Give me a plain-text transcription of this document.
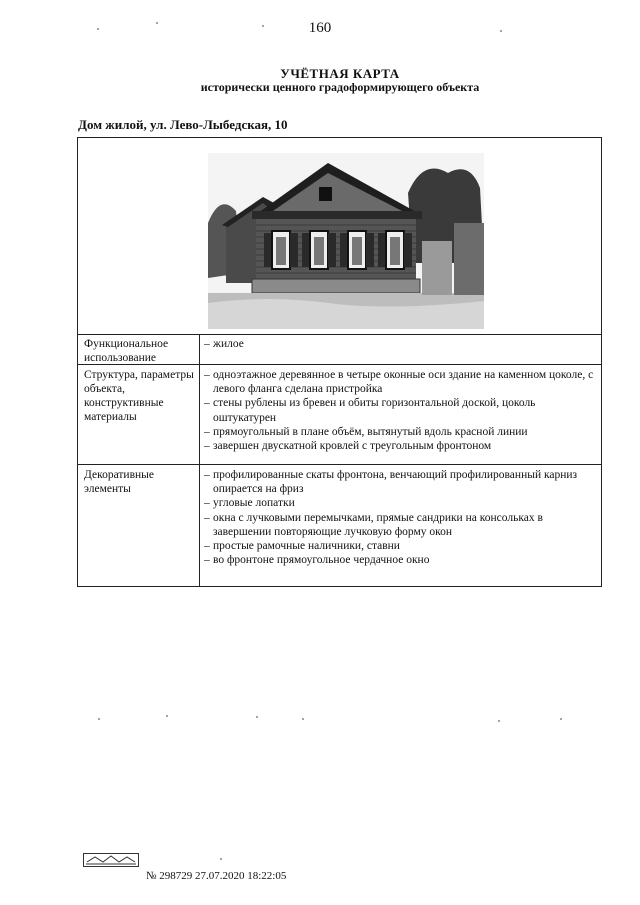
160
УЧЁТНАЯ КАРТА
исторически ценного градоформирующего объекта
Дом жилой, ул. Лево-Лыбедская, 10
Функциональное использование
– жилое
Структура, параметры объекта, конструктивные материалы
– одноэтажное деревянное в четыре оконные оси здание на каменном цоколе, с левого фланга сделана пристройка
– стены рублены из бревен и обиты горизонтальной доской, цоколь оштукатурен
– прямоугольный в плане объём, вытянутый вдоль красной линии
– завершен двускатной кровлей с треугольным фронтоном
Декоративные элементы
– профилированные скаты фронтона, венчающий профилированный карниз опирается на фриз
– угловые лопатки
– окна с лучковыми перемычками, прямые сандрики на консольках в завершении повторяющие лучковую форму окон
– простые рамочные наличники, ставни
– во фронтоне прямоугольное чердачное окно
№ 298729 27.07.2020 18:22:05
